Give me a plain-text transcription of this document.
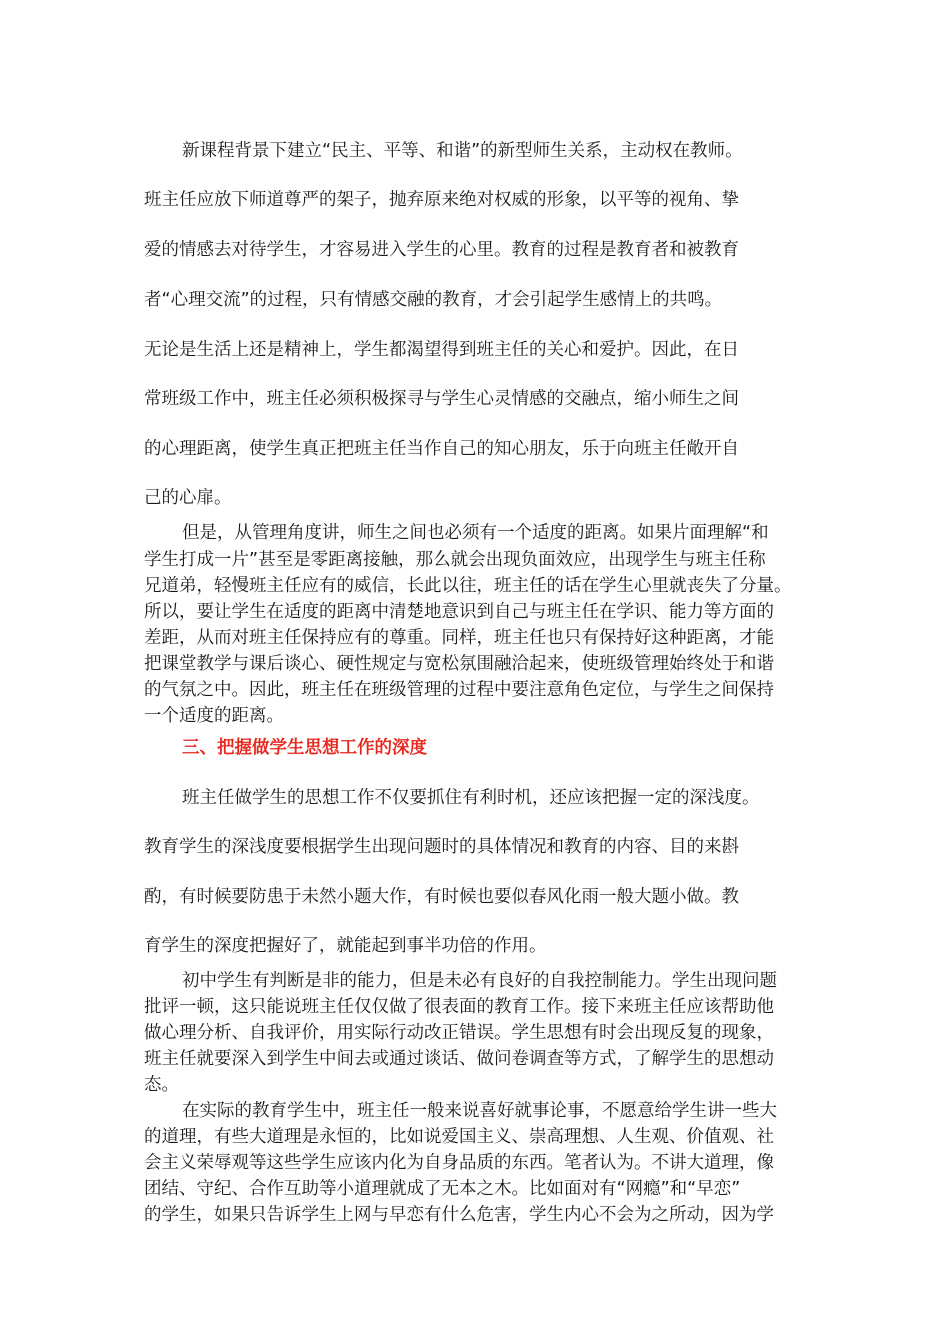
新课程背景下建立“民主、平等、和谐”的新型师生关系，主动权在教师。
班主任应放下师道尊严的架子，抛弃原来绝对权威的形象，以平等的视角、挚
爱的情感去对待学生，才容易进入学生的心里。教育的过程是教育者和被教育
者“心理交流”的过程，只有情感交融的教育，才会引起学生感情上的共鸣。
无论是生活上还是精神上，学生都渴望得到班主任的关心和爱护。因此，在日
常班级工作中，班主任必须积极探寻与学生心灵情感的交融点，缩小师生之间
的心理距离，使学生真正把班主任当作自己的知心朋友，乐于向班主任敞开自
己的心扉。
但是，从管理角度讲，师生之间也必须有一个适度的距离。如果片面理解“和
学生打成一片”甚至是零距离接触，那么就会出现负面效应，出现学生与班主任称
兄道弟，轻慢班主任应有的威信，长此以往，班主任的话在学生心里就丧失了分量。
所以，要让学生在适度的距离中清楚地意识到自己与班主任在学识、能力等方面的
差距，从而对班主任保持应有的尊重。同样，班主任也只有保持好这种距离，才能
把课堂教学与课后谈心、硬性规定与宽松氛围融洽起来，使班级管理始终处于和谐
的气氛之中。因此，班主任在班级管理的过程中要注意角色定位，与学生之间保持
一个适度的距离。
三、把握做学生思想工作的深度
班主任做学生的思想工作不仅要抓住有利时机，还应该把握一定的深浅度。
教育学生的深浅度要根据学生出现问题时的具体情况和教育的内容、目的来斟
酌，有时候要防患于未然小题大作，有时候也要似春风化雨一般大题小做。教
育学生的深度把握好了，就能起到事半功倍的作用。
初中学生有判断是非的能力，但是未必有良好的自我控制能力。学生出现问题
批评一顿，这只能说班主任仅仅做了很表面的教育工作。接下来班主任应该帮助他
做心理分析、自我评价，用实际行动改正错误。学生思想有时会出现反复的现象，
班主任就要深入到学生中间去或通过谈话、做问卷调查等方式，了解学生的思想动
态。
在实际的教育学生中，班主任一般来说喜好就事论事，不愿意给学生讲一些大
的道理，有些大道理是永恒的，比如说爱国主义、崇高理想、人生观、价值观、社
会主义荣辱观等这些学生应该内化为自身品质的东西。笔者认为。不讲大道理，像
团结、守纪、合作互助等小道理就成了无本之木。比如面对有“网瘾”和“早恋”
的学生，如果只告诉学生上网与早恋有什么危害，学生内心不会为之所动，因为学
